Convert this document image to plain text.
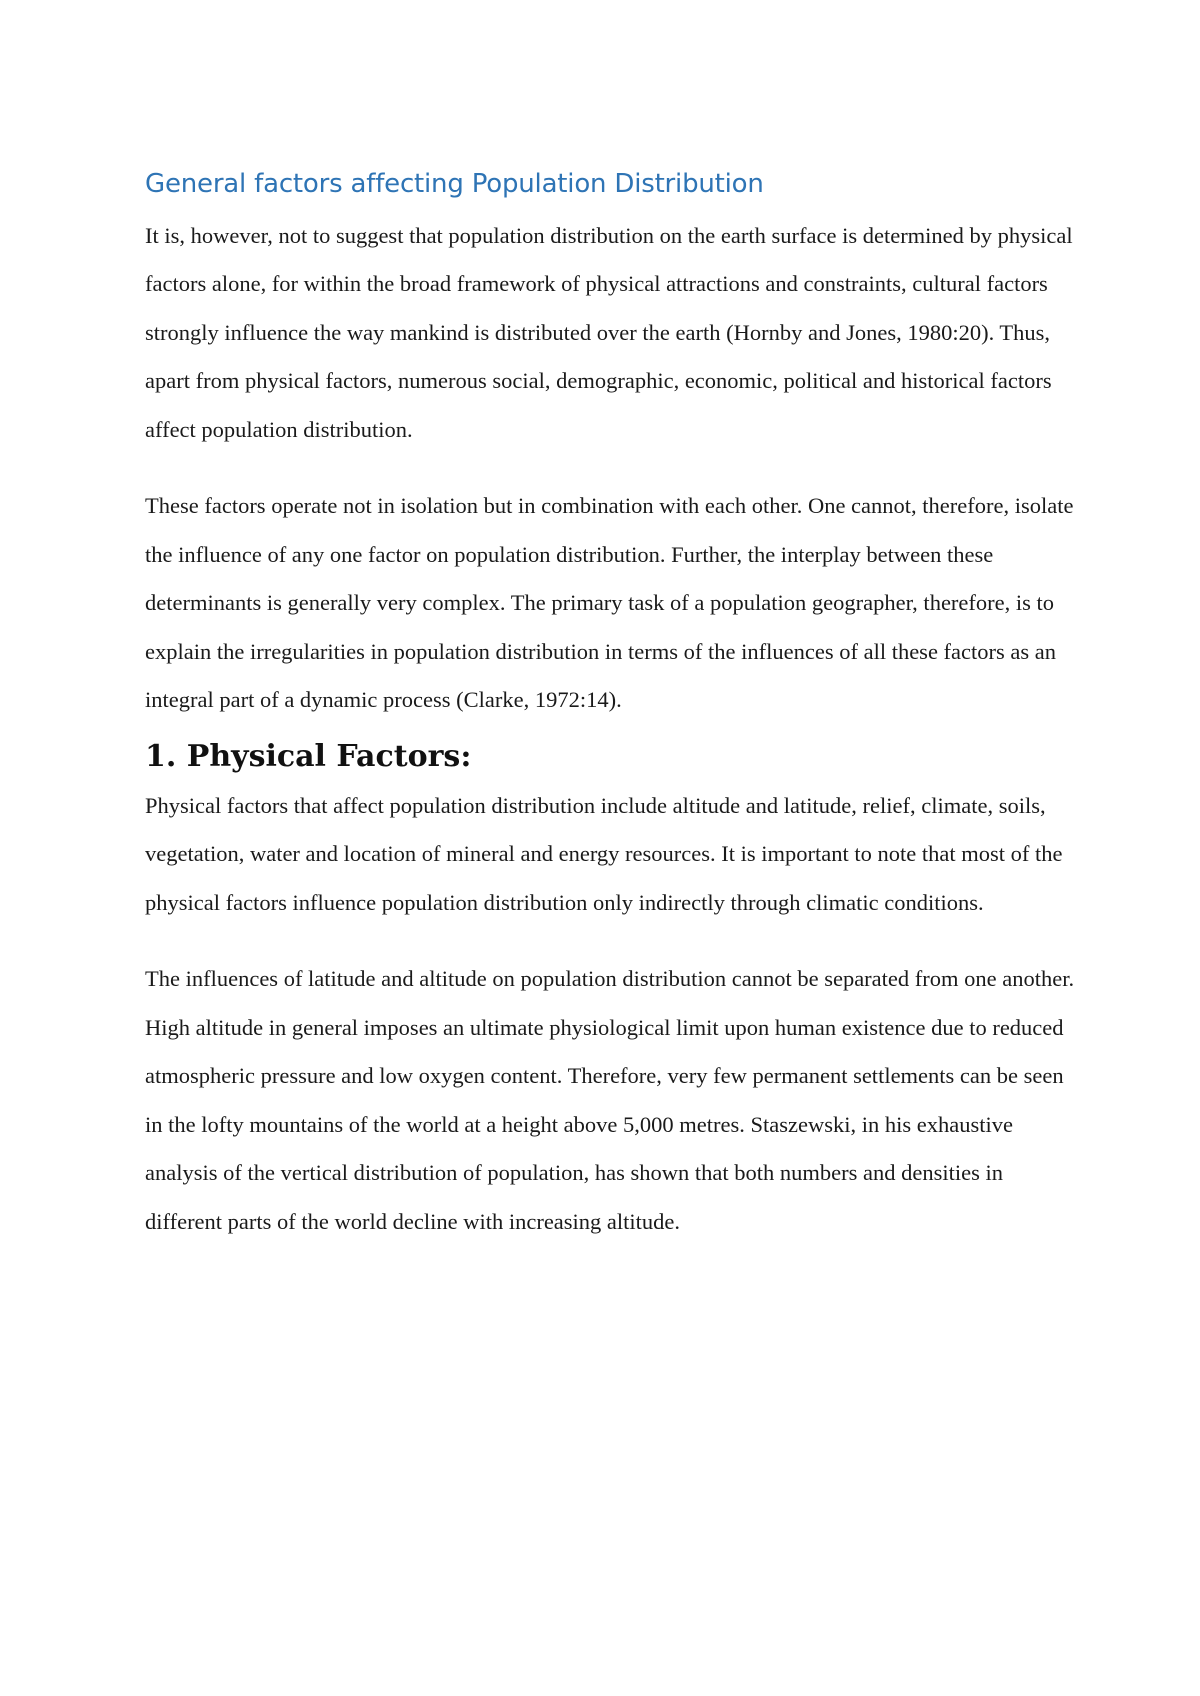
General factors affecting Population Distribution

It is, however, not to suggest that population distribution on the earth surface is determined by physical factors alone, for within the broad framework of physical attractions and constraints, cultural factors strongly influence the way mankind is distributed over the earth (Hornby and Jones, 1980:20). Thus, apart from physical factors, numerous social, demographic, economic, political and historical factors affect population distribution.

These factors operate not in isolation but in combination with each other. One cannot, therefore, isolate the influence of any one factor on population distribution. Further, the interplay between these determinants is generally very complex. The primary task of a population geographer, therefore, is to explain the irregularities in population distribution in terms of the influences of all these factors as an integral part of a dynamic process (Clarke, 1972:14).

1. Physical Factors:

Physical factors that affect population distribution include altitude and latitude, relief, climate, soils, vegetation, water and location of mineral and energy resources. It is important to note that most of the physical factors influence population distribution only indirectly through climatic conditions.

The influences of latitude and altitude on population distribution cannot be separated from one another. High altitude in general imposes an ultimate physiological limit upon human existence due to reduced atmospheric pressure and low oxygen content. Therefore, very few permanent settlements can be seen in the lofty mountains of the world at a height above 5,000 metres. Staszewski, in his exhaustive analysis of the vertical distribution of population, has shown that both numbers and densities in different parts of the world decline with increasing altitude.
